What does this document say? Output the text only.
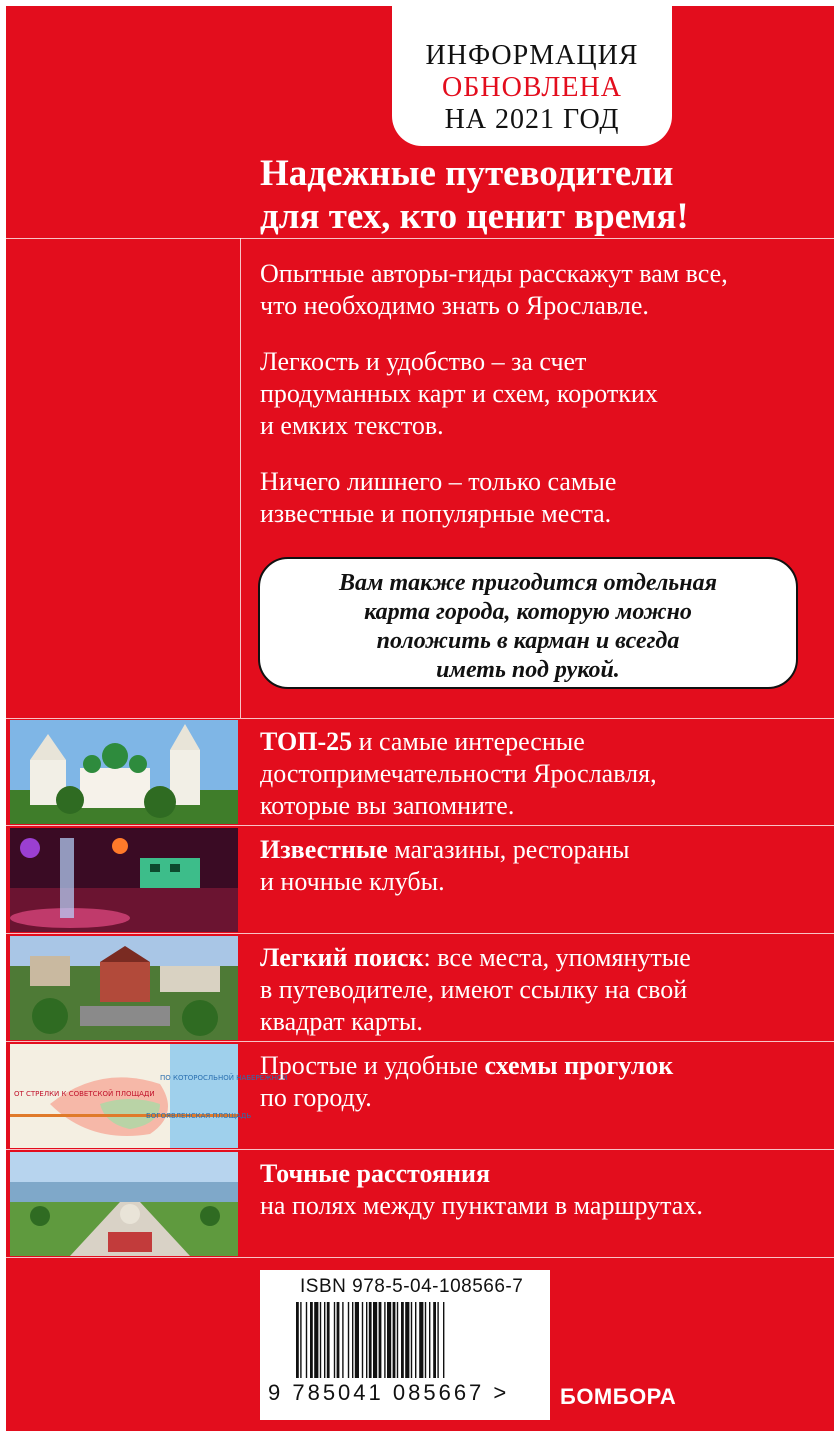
ИНФОРМАЦИЯ
ОБНОВЛЕНА
НА 2021 ГОД
Надежные путеводители
для тех, кто ценит время!
Опытные авторы-гиды расскажут вам все,
что необходимо знать о Ярославле.
Легкость и удобство – за счет
продуманных карт и схем, коротких
и емких текстов.
Ничего лишнего – только самые
известные и популярные места.
Вам также пригодится отдельная
карта города, которую можно
положить в карман и всегда
иметь под рукой.
ТОП-25 и самые интересные
достопримечательности Ярославля,
которые вы запомните.
Известные магазины, рестораны
и ночные клубы.
Легкий поиск: все места, упомянутые
в путеводителе, имеют ссылку на свой
квадрат карты.
ОТ СТРЕЛКИ К СОВЕТСКОЙ ПЛОЩАДИ
ПО КОТОРОСЛЬНОЙ НАБЕРЕЖНОЙ
БОГОЯВЛЕНСКАЯ ПЛОЩАДЬ
Простые и удобные схемы прогулок
по городу.
Точные расстояния
на полях между пунктами в маршрутах.
ISBN 978-5-04-108566-7
9 785041 085667 > БОМБОРА
